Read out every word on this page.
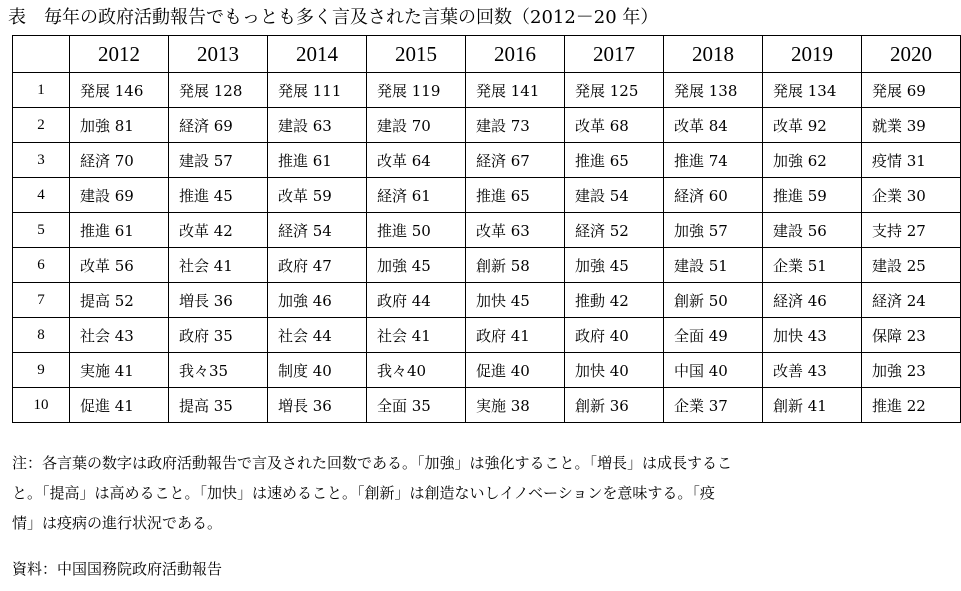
表　毎年の政府活動報告でもっとも多く言及された言葉の回数（2012－20 年）
	2012	2013	2014	2015	2016	2017	2018	2019	2020
1	発展 146	発展 128	発展 111	発展 119	発展 141	発展 125	発展 138	発展 134	発展 69
2	加強 81	経済 69	建設 63	建設 70	建設 73	改革 68	改革 84	改革 92	就業 39
3	経済 70	建設 57	推進 61	改革 64	経済 67	推進 65	推進 74	加強 62	疫情 31
4	建設 69	推進 45	改革 59	経済 61	推進 65	建設 54	経済 60	推進 59	企業 30
5	推進 61	改革 42	経済 54	推進 50	改革 63	経済 52	加強 57	建設 56	支持 27
6	改革 56	社会 41	政府 47	加強 45	創新 58	加強 45	建設 51	企業 51	建設 25
7	提高 52	増長 36	加強 46	政府 44	加快 45	推動 42	創新 50	経済 46	経済 24
8	社会 43	政府 35	社会 44	社会 41	政府 41	政府 40	全面 49	加快 43	保障 23
9	実施 41	我々35	制度 40	我々40	促進 40	加快 40	中国 40	改善 43	加強 23
10	促進 41	提高 35	増長 36	全面 35	実施 38	創新 36	企業 37	創新 41	推進 22

注：各言葉の数字は政府活動報告で言及された回数である。「加強」は強化すること。「増長」は成長するこ

と。「提高」は高めること。「加快」は速めること。「創新」は創造ないしイノベーションを意味する。「疫

情」は疫病の進行状況である。

資料：中国国務院政府活動報告
